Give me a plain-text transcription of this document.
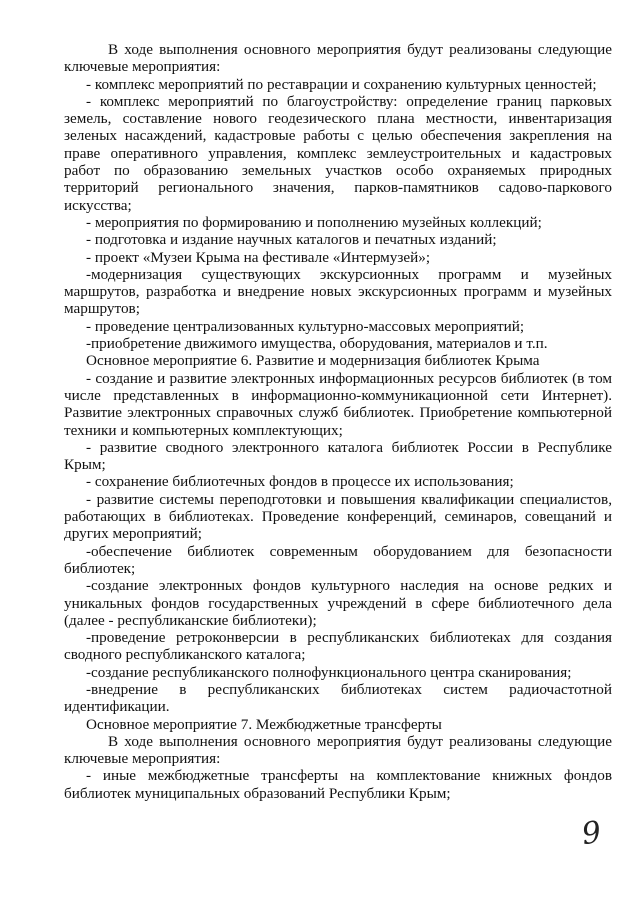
В ходе выполнения основного мероприятия будут реализованы следующие ключевые мероприятия:

- комплекс мероприятий по реставрации и сохранению культурных ценностей;

- комплекс мероприятий по благоустройству: определение границ парковых земель, составление нового геодезического плана местности, инвентаризация зеленых насаждений, кадастровые работы с целью обеспечения закрепления на праве оперативного управления, комплекс землеустроительных и кадастровых работ по образованию земельных участков особо охраняемых природных территорий регионального значения, парков-памятников садово-паркового искусства;

- мероприятия по формированию и пополнению музейных коллекций;

- подготовка и издание научных каталогов и печатных изданий;

- проект «Музеи Крыма на фестивале «Интермузей»;

-модернизация существующих экскурсионных программ и музейных маршрутов, разработка и внедрение новых экскурсионных программ и музейных маршрутов;

- проведение централизованных культурно-массовых мероприятий;

-приобретение движимого имущества, оборудования, материалов и т.п.

Основное мероприятие 6. Развитие и модернизация библиотек Крыма

- создание и развитие электронных информационных ресурсов библиотек (в том числе представленных в информационно-коммуникационной сети Интернет). Развитие электронных справочных служб библиотек. Приобретение компьютерной техники и компьютерных комплектующих;

- развитие сводного электронного каталога библиотек России в Республике Крым;

- сохранение библиотечных фондов в процессе их использования;

- развитие системы переподготовки и повышения квалификации специалистов, работающих в библиотеках. Проведение конференций, семинаров, совещаний и других мероприятий;

-обеспечение библиотек современным оборудованием для безопасности библиотек;

-создание электронных фондов культурного наследия на основе редких и уникальных фондов государственных учреждений в сфере библиотечного дела (далее - республиканские библиотеки);

-проведение ретроконверсии в республиканских библиотеках для создания сводного республиканского каталога;

-создание республиканского полнофункционального центра сканирования;

-внедрение в республиканских библиотеках систем радиочастотной идентификации.

Основное мероприятие 7. Межбюджетные трансферты

В ходе выполнения основного мероприятия будут реализованы следующие ключевые мероприятия:

- иные межбюджетные трансферты на комплектование книжных фондов библиотек муниципальных образований Республики Крым;

9
